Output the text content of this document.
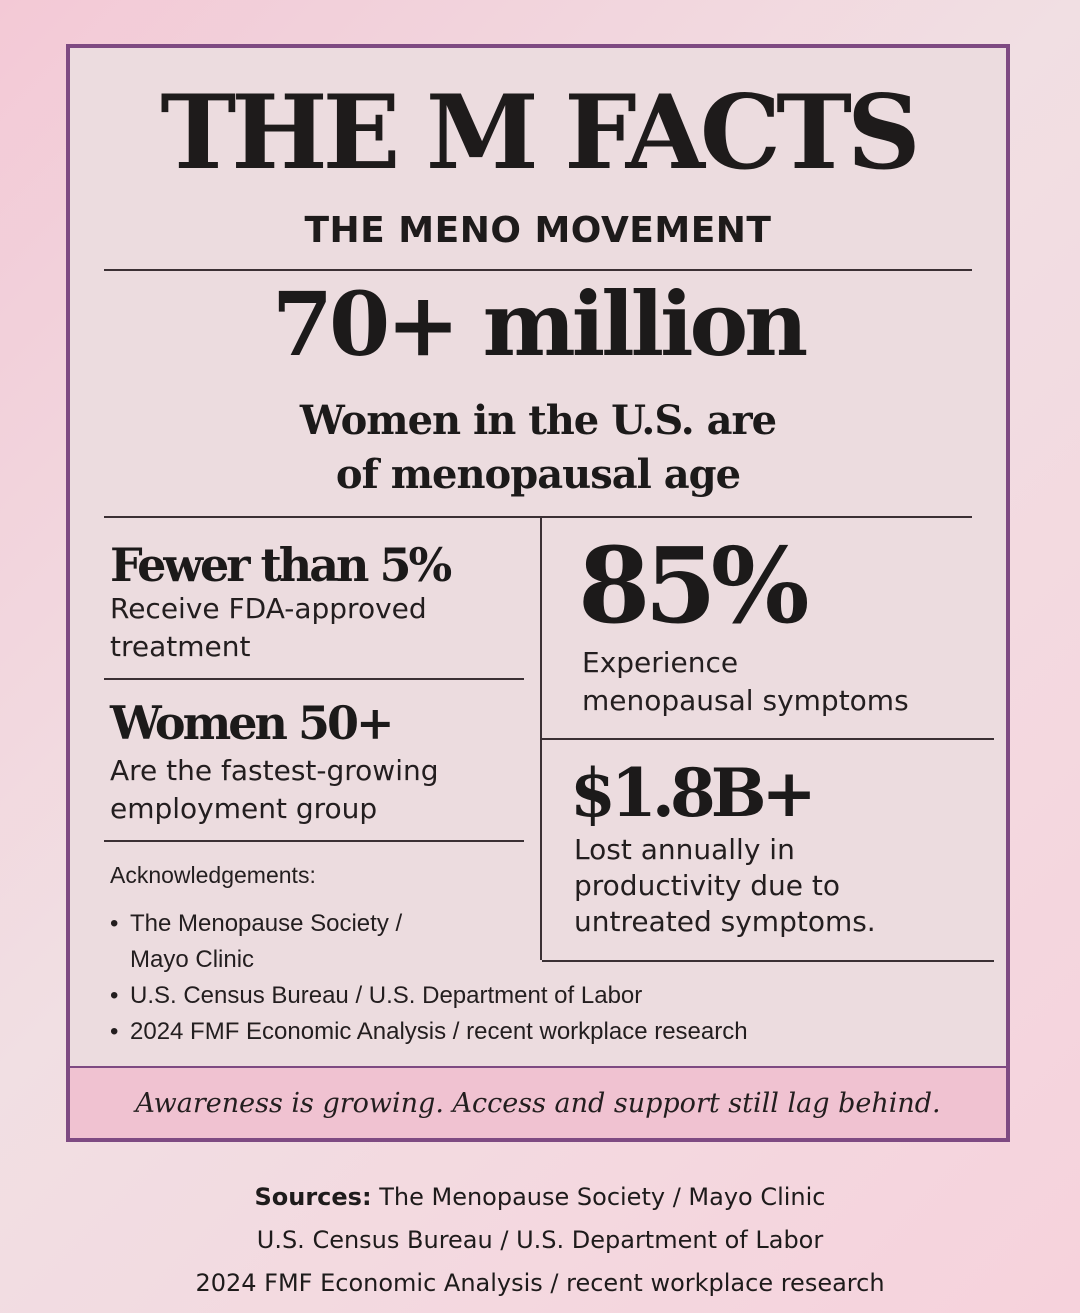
THE M FACTS
THE MENO MOVEMENT
70+ million
Women in the U.S. are
of menopausal age
Fewer than 5%
Receive FDA-approved
treatment
Women 50+
Are the fastest-growing
employment group
85%
Experience
menopausal symptoms
$1.8B+
Lost annually in
productivity due to
untreated symptoms.
Acknowledgements:
• The Menopause Society / Mayo Clinic
• U.S. Census Bureau / U.S. Department of Labor
• 2024 FMF Economic Analysis / recent workplace research
Awareness is growing. Access and support still lag behind.
Sources: The Menopause Society / Mayo Clinic
U.S. Census Bureau / U.S. Department of Labor
2024 FMF Economic Analysis / recent workplace research
